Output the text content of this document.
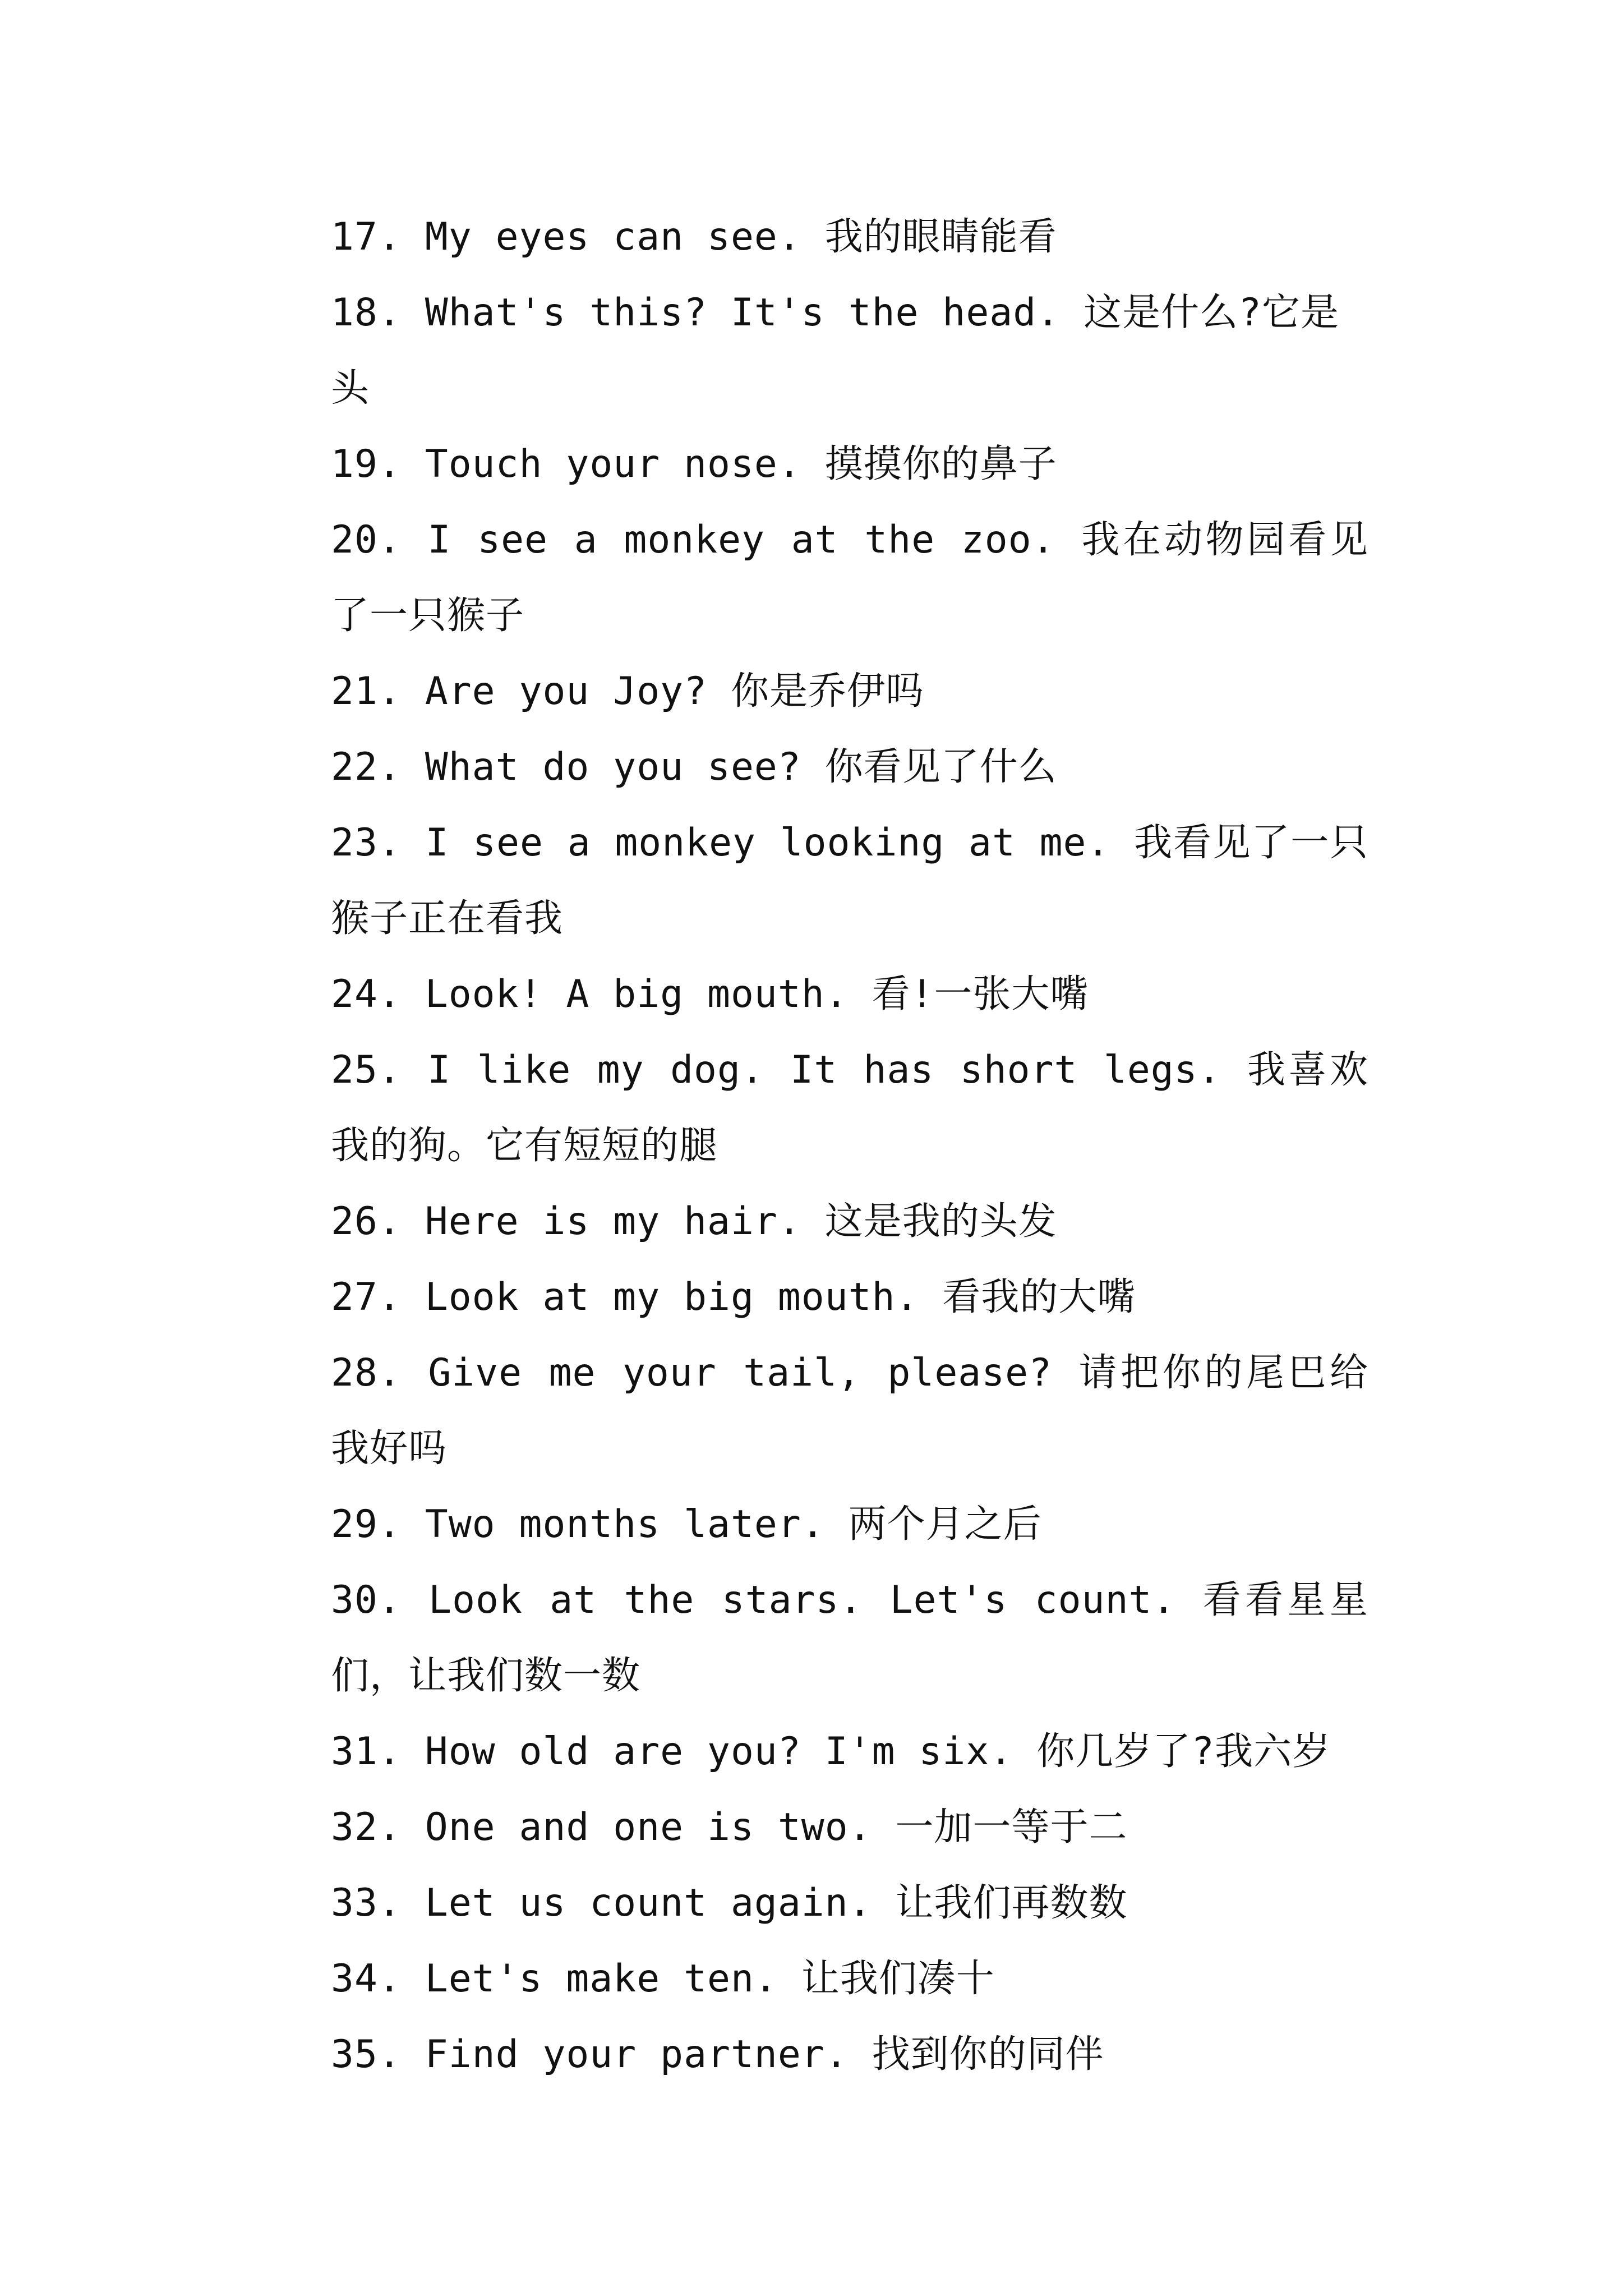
17. My eyes can see. 我的眼睛能看

18. What's this? It's the head. 这是什么?它是头

19. Touch your nose. 摸摸你的鼻子

20. I see a monkey at the zoo. 我在动物园看见了一只猴子

21. Are you Joy? 你是乔伊吗

22. What do you see? 你看见了什么

23. I see a monkey looking at me. 我看见了一只猴子正在看我

24. Look! A big mouth. 看!一张大嘴

25. I like my dog. It has short legs. 我喜欢我的狗。它有短短的腿

26. Here is my hair. 这是我的头发

27. Look at my big mouth. 看我的大嘴

28. Give me your tail, please? 请把你的尾巴给我好吗

29. Two months later. 两个月之后

30. Look at the stars. Let's count. 看看星星们，让我们数一数

31. How old are you? I'm six. 你几岁了?我六岁

32. One and one is two. 一加一等于二

33. Let us count again. 让我们再数数

34. Let's make ten. 让我们凑十

35. Find your partner. 找到你的同伴
